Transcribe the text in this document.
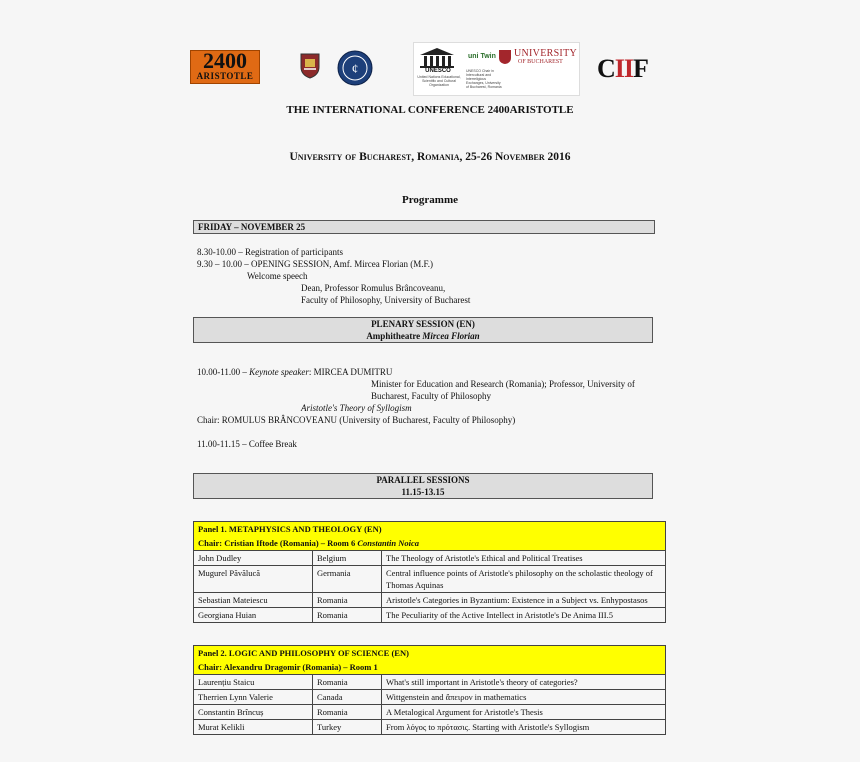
2400
ARISTOTLE	¢	UNESCO
United Nations Educational, Scientific and Cultural Organization
uni Twin
UNESCO Chair in Intercultural and Interreligious Exchanges, University of Bucharest, Romania
UNIVERSITY
OF BUCHAREST CIIF
THE INTERNATIONAL CONFERENCE 2400ARISTOTLE
University of Bucharest, Romania, 25-26 November 2016
Programme
FRIDAY – NOVEMBER 25
8.30-10.00 – Registration of participants
9.30 – 10.00 – OPENING SESSION, Amf. Mircea Florian (M.F.)
Welcome speech
Dean, Professor Romulus Brâncoveanu,
Faculty of Philosophy, University of Bucharest
PLENARY SESSION (EN)
Amphitheatre Mircea Florian
10.00-11.00 – Keynote speaker: MIRCEA DUMITRU
Minister for Education and Research (Romania); Professor, University of
Bucharest, Faculty of Philosophy
Aristotle's Theory of Syllogism
Chair: ROMULUS BRÂNCOVEANU (University of Bucharest, Faculty of Philosophy)
11.00-11.15 – Coffee Break
PARALLEL SESSIONS
11.15-13.15
Panel 1. METAPHYSICS AND THEOLOGY (EN)		
Chair: Cristian Iftode (Romania) – Room 6 Constantin Noica		
John Dudley	Belgium	The Theology of Aristotle's Ethical and Political Treatises
Mugurel Păvălucă	Germania	Central influence points of Aristotle's philosophy on the scholastic theology of Thomas Aquinas
Sebastian Mateiescu	Romania	Aristotle's Categories in Byzantium: Existence in a Subject vs. Enhypostasos
Georgiana Huian	Romania	The Peculiarity of the Active Intellect in Aristotle's De Anima III.5
Panel 2. LOGIC AND PHILOSOPHY OF SCIENCE (EN)		
Chair: Alexandru Dragomir (Romania) – Room 1		
Laurențiu Staicu	Romania	What's still important in Aristotle's theory of categories?
Therrien Lynn Valerie	Canada	Wittgenstein and ἄπειρον in mathematics
Constantin Brîncuș	Romania	A Metalogical Argument for Aristotle's Thesis
Murat Kelikli	Turkey	From λόγος to πρότασις. Starting with Aristotle's Syllogism
